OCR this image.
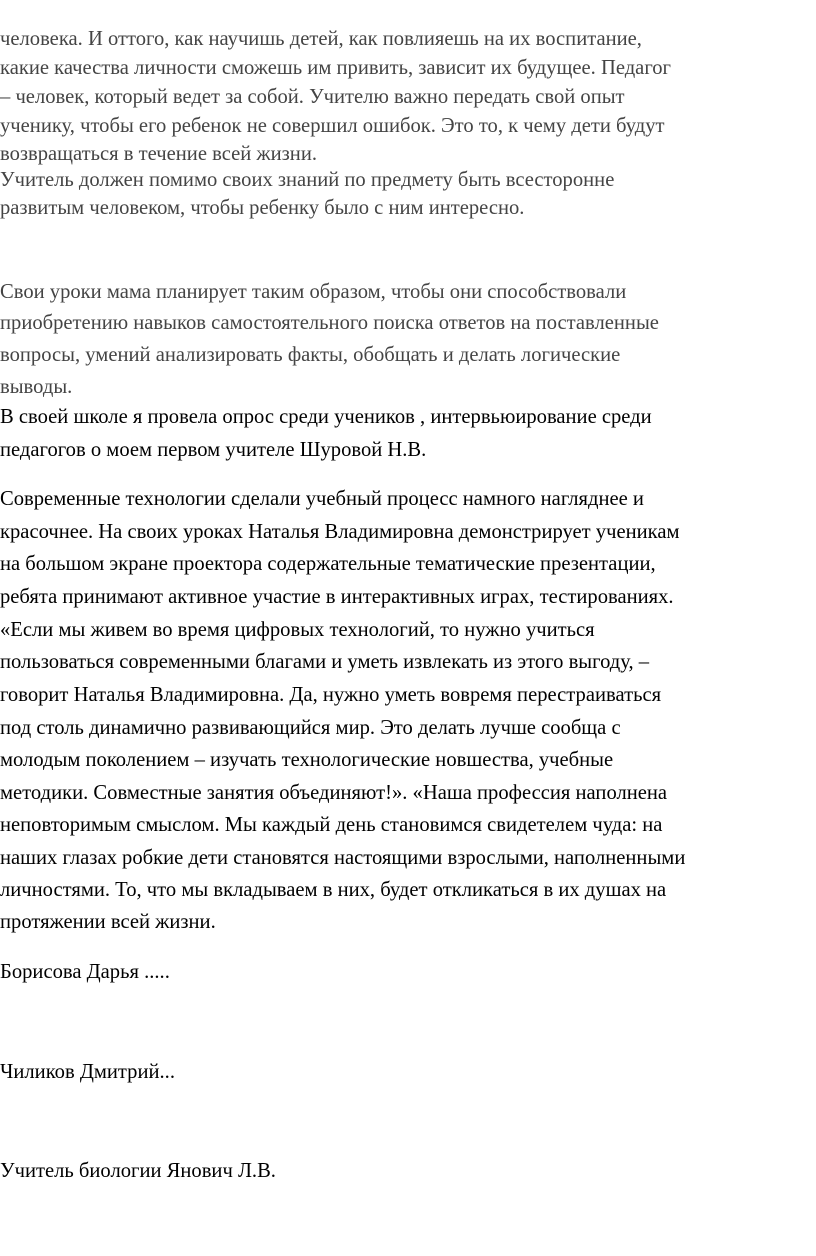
человека. И оттого, как научишь детей, как повлияешь на их воспитание,
какие качества личности сможешь им привить, зависит их будущее. Педагог
– человек, который ведет за собой. Учителю важно передать свой опыт
ученику, чтобы его ребенок не совершил ошибок. Это то, к чему дети будут
возвращаться в течение всей жизни.
Учитель должен помимо своих знаний по предмету быть всесторонне
развитым человеком, чтобы ребенку было с ним интересно.
Свои уроки мама планирует таким образом, чтобы они способствовали
приобретению навыков самостоятельного поиска ответов на поставленные
вопросы, умений анализировать факты, обобщать и делать логические
выводы.
В своей школе я провела опрос среди учеников , интервьюирование среди
педагогов о моем первом учителе Шуровой Н.В.
Современные технологии сделали учебный процесс намного нагляднее и
красочнее. На своих уроках Наталья Владимировна демонстрирует ученикам
на большом экране проектора содержательные тематические презентации,
ребята принимают активное участие в интерактивных играх, тестированиях.
«Если мы живем во время цифровых технологий, то нужно учиться
пользоваться современными благами и уметь извлекать из этого выгоду, –
говорит Наталья Владимировна. Да, нужно уметь вовремя перестраиваться
под столь динамично развивающийся мир. Это делать лучше сообща с
молодым поколением – изучать технологические новшества, учебные
методики. Совместные занятия объединяют!». «Наша профессия наполнена
неповторимым смыслом. Мы каждый день становимся свидетелем чуда: на
наших глазах робкие дети становятся настоящими взрослыми, наполненными
личностями. То, что мы вкладываем в них, будет откликаться в их душах на
протяжении всей жизни.
Борисова Дарья .....
Чиликов Дмитрий...
Учитель биологии Янович Л.В.
